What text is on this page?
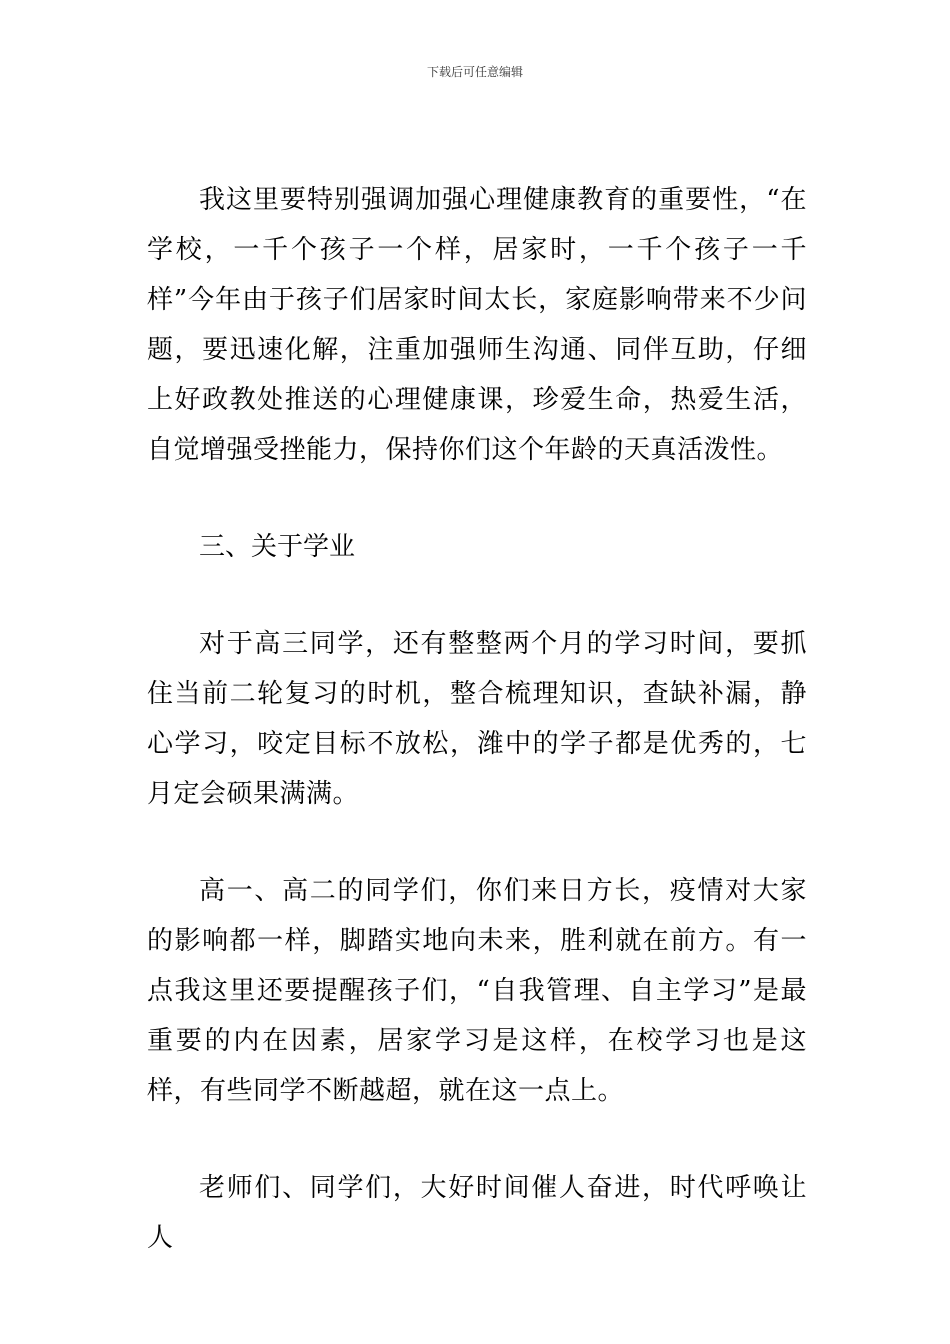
下载后可任意编辑

我这里要特别强调加强心理健康教育的重要性，“在学校，一千个孩子一个样，居家时，一千个孩子一千样”今年由于孩子们居家时间太长，家庭影响带来不少问题，要迅速化解，注重加强师生沟通、同伴互助，仔细上好政教处推送的心理健康课，珍爱生命，热爱生活，自觉增强受挫能力，保持你们这个年龄的天真活泼性。

三、关于学业

对于高三同学，还有整整两个月的学习时间，要抓住当前二轮复习的时机，整合梳理知识，查缺补漏，静心学习，咬定目标不放松，潍中的学子都是优秀的，七月定会硕果满满。

高一、高二的同学们，你们来日方长，疫情对大家的影响都一样，脚踏实地向未来，胜利就在前方。有一点我这里还要提醒孩子们，“自我管理、自主学习”是最重要的内在因素，居家学习是这样，在校学习也是这样，有些同学不断越超，就在这一点上。

老师们、同学们，大好时间催人奋进，时代呼唤让人
